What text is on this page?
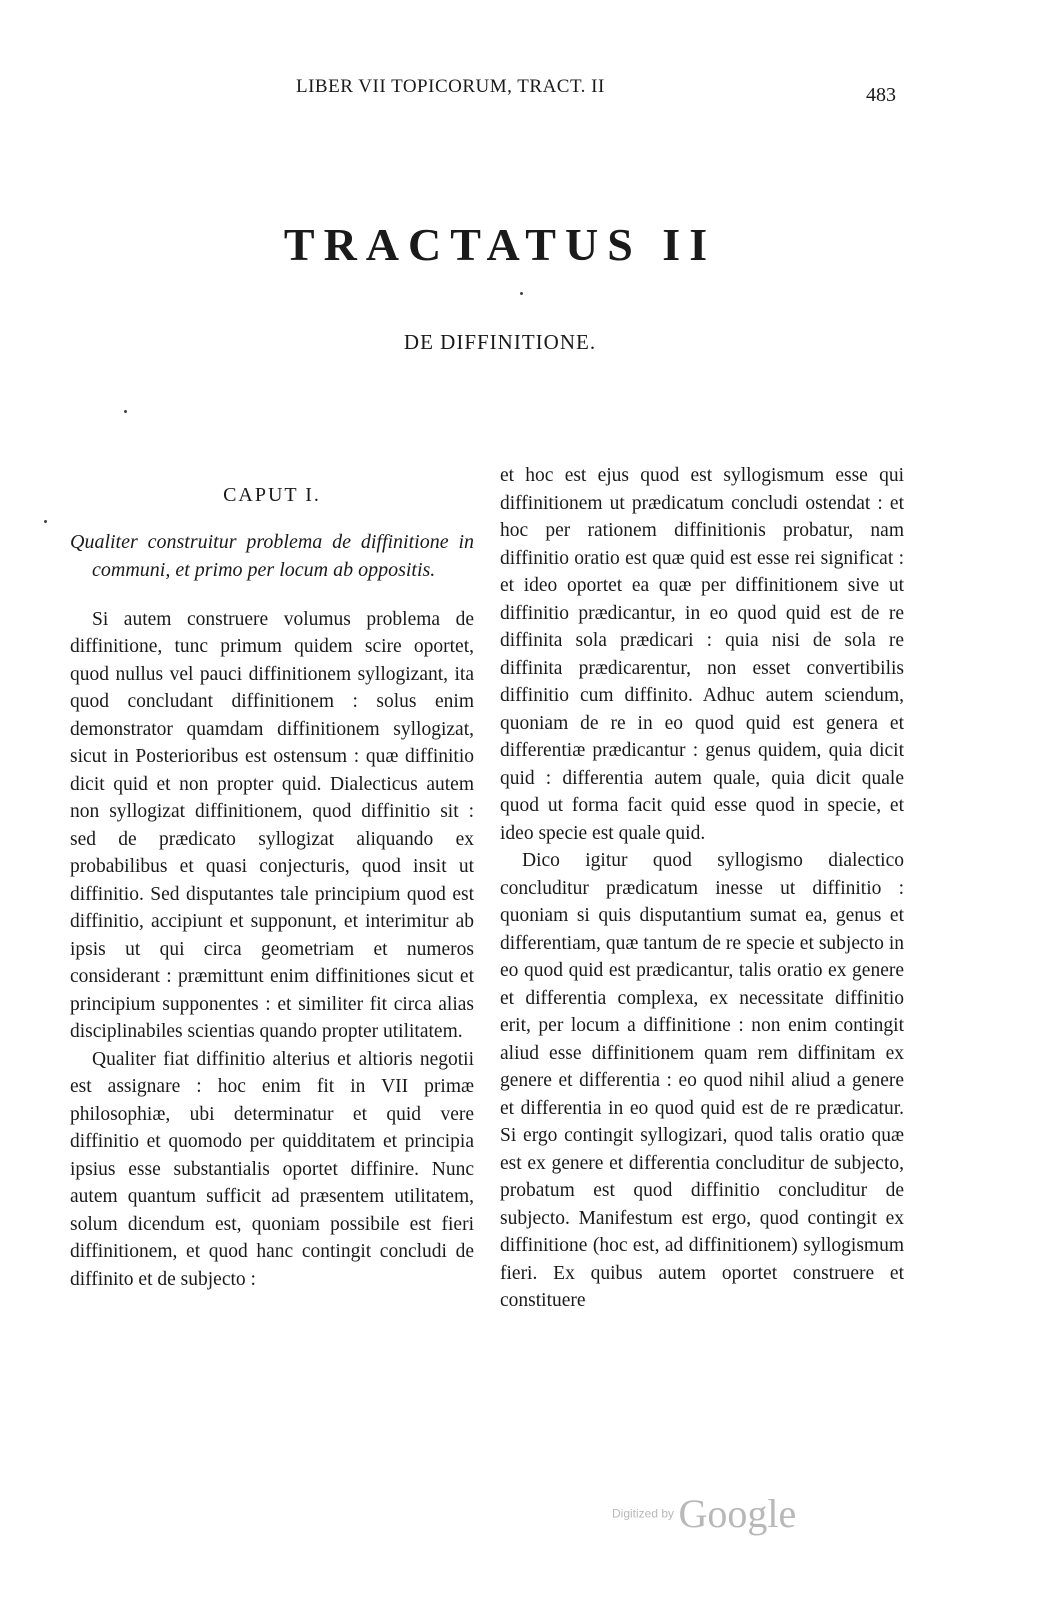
LIBER VII TOPICORUM, TRACT. II	483
TRACTATUS II
DE DIFFINITIONE.
CAPUT I.

Qualiter construitur problema de diffinitione in communi, et primo per locum ab oppositis.

Si autem construere volumus problema de diffinitione, tunc primum quidem scire oportet, quod nullus vel pauci diffinitionem syllogizant, ita quod concludant diffinitionem : solus enim demonstrator quamdam diffinitionem syllogizat, sicut in Posterioribus est ostensum : quæ diffinitio dicit quid et non propter quid. Dialecticus autem non syllogizat diffinitionem, quod diffinitio sit : sed de prædicato syllogizat aliquando ex probabilibus et quasi conjecturis, quod insit ut diffinitio. Sed disputantes tale principium quod est diffinitio, accipiunt et supponunt, et interimitur ab ipsis ut qui circa geometriam et numeros considerant : præmittunt enim diffinitiones sicut et principium supponentes : et similiter fit circa alias disciplinabiles scientias quando propter utilitatem.

Qualiter fiat diffinitio alterius et altioris negotii est assignare : hoc enim fit in VII primæ philosophiæ, ubi determinatur et quid vere diffinitio et quomodo per quidditatem et principia ipsius esse substantialis oportet diffinire. Nunc autem quantum sufficit ad præsentem utilitatem, solum dicendum est, quoniam possibile est fieri diffinitionem, et quod hanc contingit concludi de diffinito et de subjecto :

et hoc est ejus quod est syllogismum esse qui diffinitionem ut prædicatum concludi ostendat : et hoc per rationem diffinitionis probatur, nam diffinitio oratio est quæ quid est esse rei significat : et ideo oportet ea quæ per diffinitionem sive ut diffinitio prædicantur, in eo quod quid est de re diffinita sola prædicari : quia nisi de sola re diffinita prædicarentur, non esset convertibilis diffinitio cum diffinito. Adhuc autem sciendum, quoniam de re in eo quod quid est genera et differentiæ prædicantur : genus quidem, quia dicit quid : differentia autem quale, quia dicit quale quod ut forma facit quid esse quod in specie, et ideo specie est quale quid.

Dico igitur quod syllogismo dialectico concluditur prædicatum inesse ut diffinitio : quoniam si quis disputantium sumat ea, genus et differentiam, quæ tantum de re specie et subjecto in eo quod quid est prædicantur, talis oratio ex genere et differentia complexa, ex necessitate diffinitio erit, per locum a diffinitione : non enim contingit aliud esse diffinitionem quam rem diffinitam ex genere et differentia : eo quod nihil aliud a genere et differentia in eo quod quid est de re prædicatur. Si ergo contingit syllogizari, quod talis oratio quæ est ex genere et differentia concluditur de subjecto, probatum est quod diffinitio concluditur de subjecto. Manifestum est ergo, quod contingit ex diffinitione (hoc est, ad diffinitionem) syllogismum fieri. Ex quibus autem oportet construere et constituere

Digitized by Google
